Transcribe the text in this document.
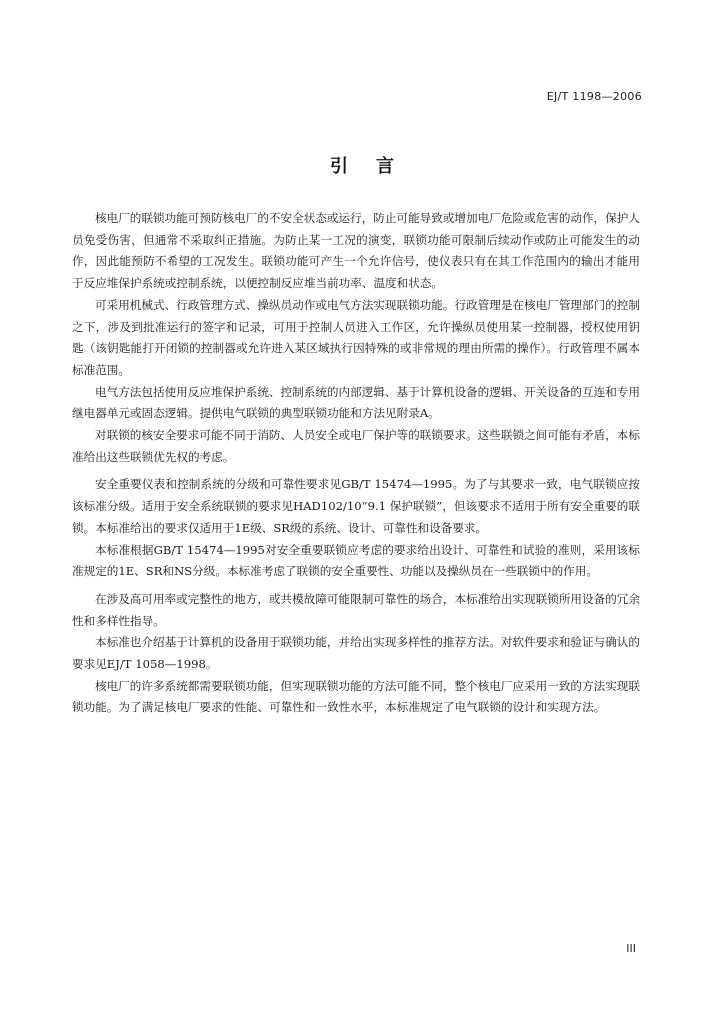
EJ/T 1198—2006
引言

核电厂的联锁功能可预防核电厂的不安全状态或运行，防止可能导致或增加电厂危险或危害的动作，保护人员免受伤害，但通常不采取纠正措施。为防止某一工况的演变，联锁功能可限制后续动作或防止可能发生的动作，因此能预防不希望的工况发生。联锁功能可产生一个允许信号，使仪表只有在其工作范围内的输出才能用于反应堆保护系统或控制系统，以便控制反应堆当前功率、温度和状态。

可采用机械式、行政管理方式、操纵员动作或电气方法实现联锁功能。行政管理是在核电厂管理部门的控制之下，涉及到批准运行的签字和记录，可用于控制人员进入工作区，允许操纵员使用某一控制器，授权使用钥匙（该钥匙能打开闭锁的控制器或允许进入某区域执行因特殊的或非常规的理由所需的操作）。行政管理不属本标准范围。

电气方法包括使用反应堆保护系统、控制系统的内部逻辑、基于计算机设备的逻辑、开关设备的互连和专用继电器单元或固态逻辑。提供电气联锁的典型联锁功能和方法见附录A。

对联锁的核安全要求可能不同于消防、人员安全或电厂保护等的联锁要求。这些联锁之间可能有矛盾，本标准给出这些联锁优先权的考虑。

安全重要仪表和控制系统的分级和可靠性要求见GB/T 15474—1995。为了与其要求一致，电气联锁应按该标准分级。适用于安全系统联锁的要求见HAD102/10“9.1 保护联锁”，但该要求不适用于所有安全重要的联锁。本标准给出的要求仅适用于1E级、SR级的系统、设计、可靠性和设备要求。

本标准根据GB/T 15474—1995对安全重要联锁应考虑的要求给出设计、可靠性和试验的准则，采用该标准规定的1E、SR和NS分级。本标准考虑了联锁的安全重要性、功能以及操纵员在一些联锁中的作用。

在涉及高可用率或完整性的地方，或共模故障可能限制可靠性的场合，本标准给出实现联锁所用设备的冗余性和多样性指导。

本标准也介绍基于计算机的设备用于联锁功能，并给出实现多样性的推荐方法。对软件要求和验证与确认的要求见EJ/T 1058—1998。

核电厂的许多系统都需要联锁功能，但实现联锁功能的方法可能不同，整个核电厂应采用一致的方法实现联锁功能。为了满足核电厂要求的性能、可靠性和一致性水平，本标准规定了电气联锁的设计和实现方法。

III
